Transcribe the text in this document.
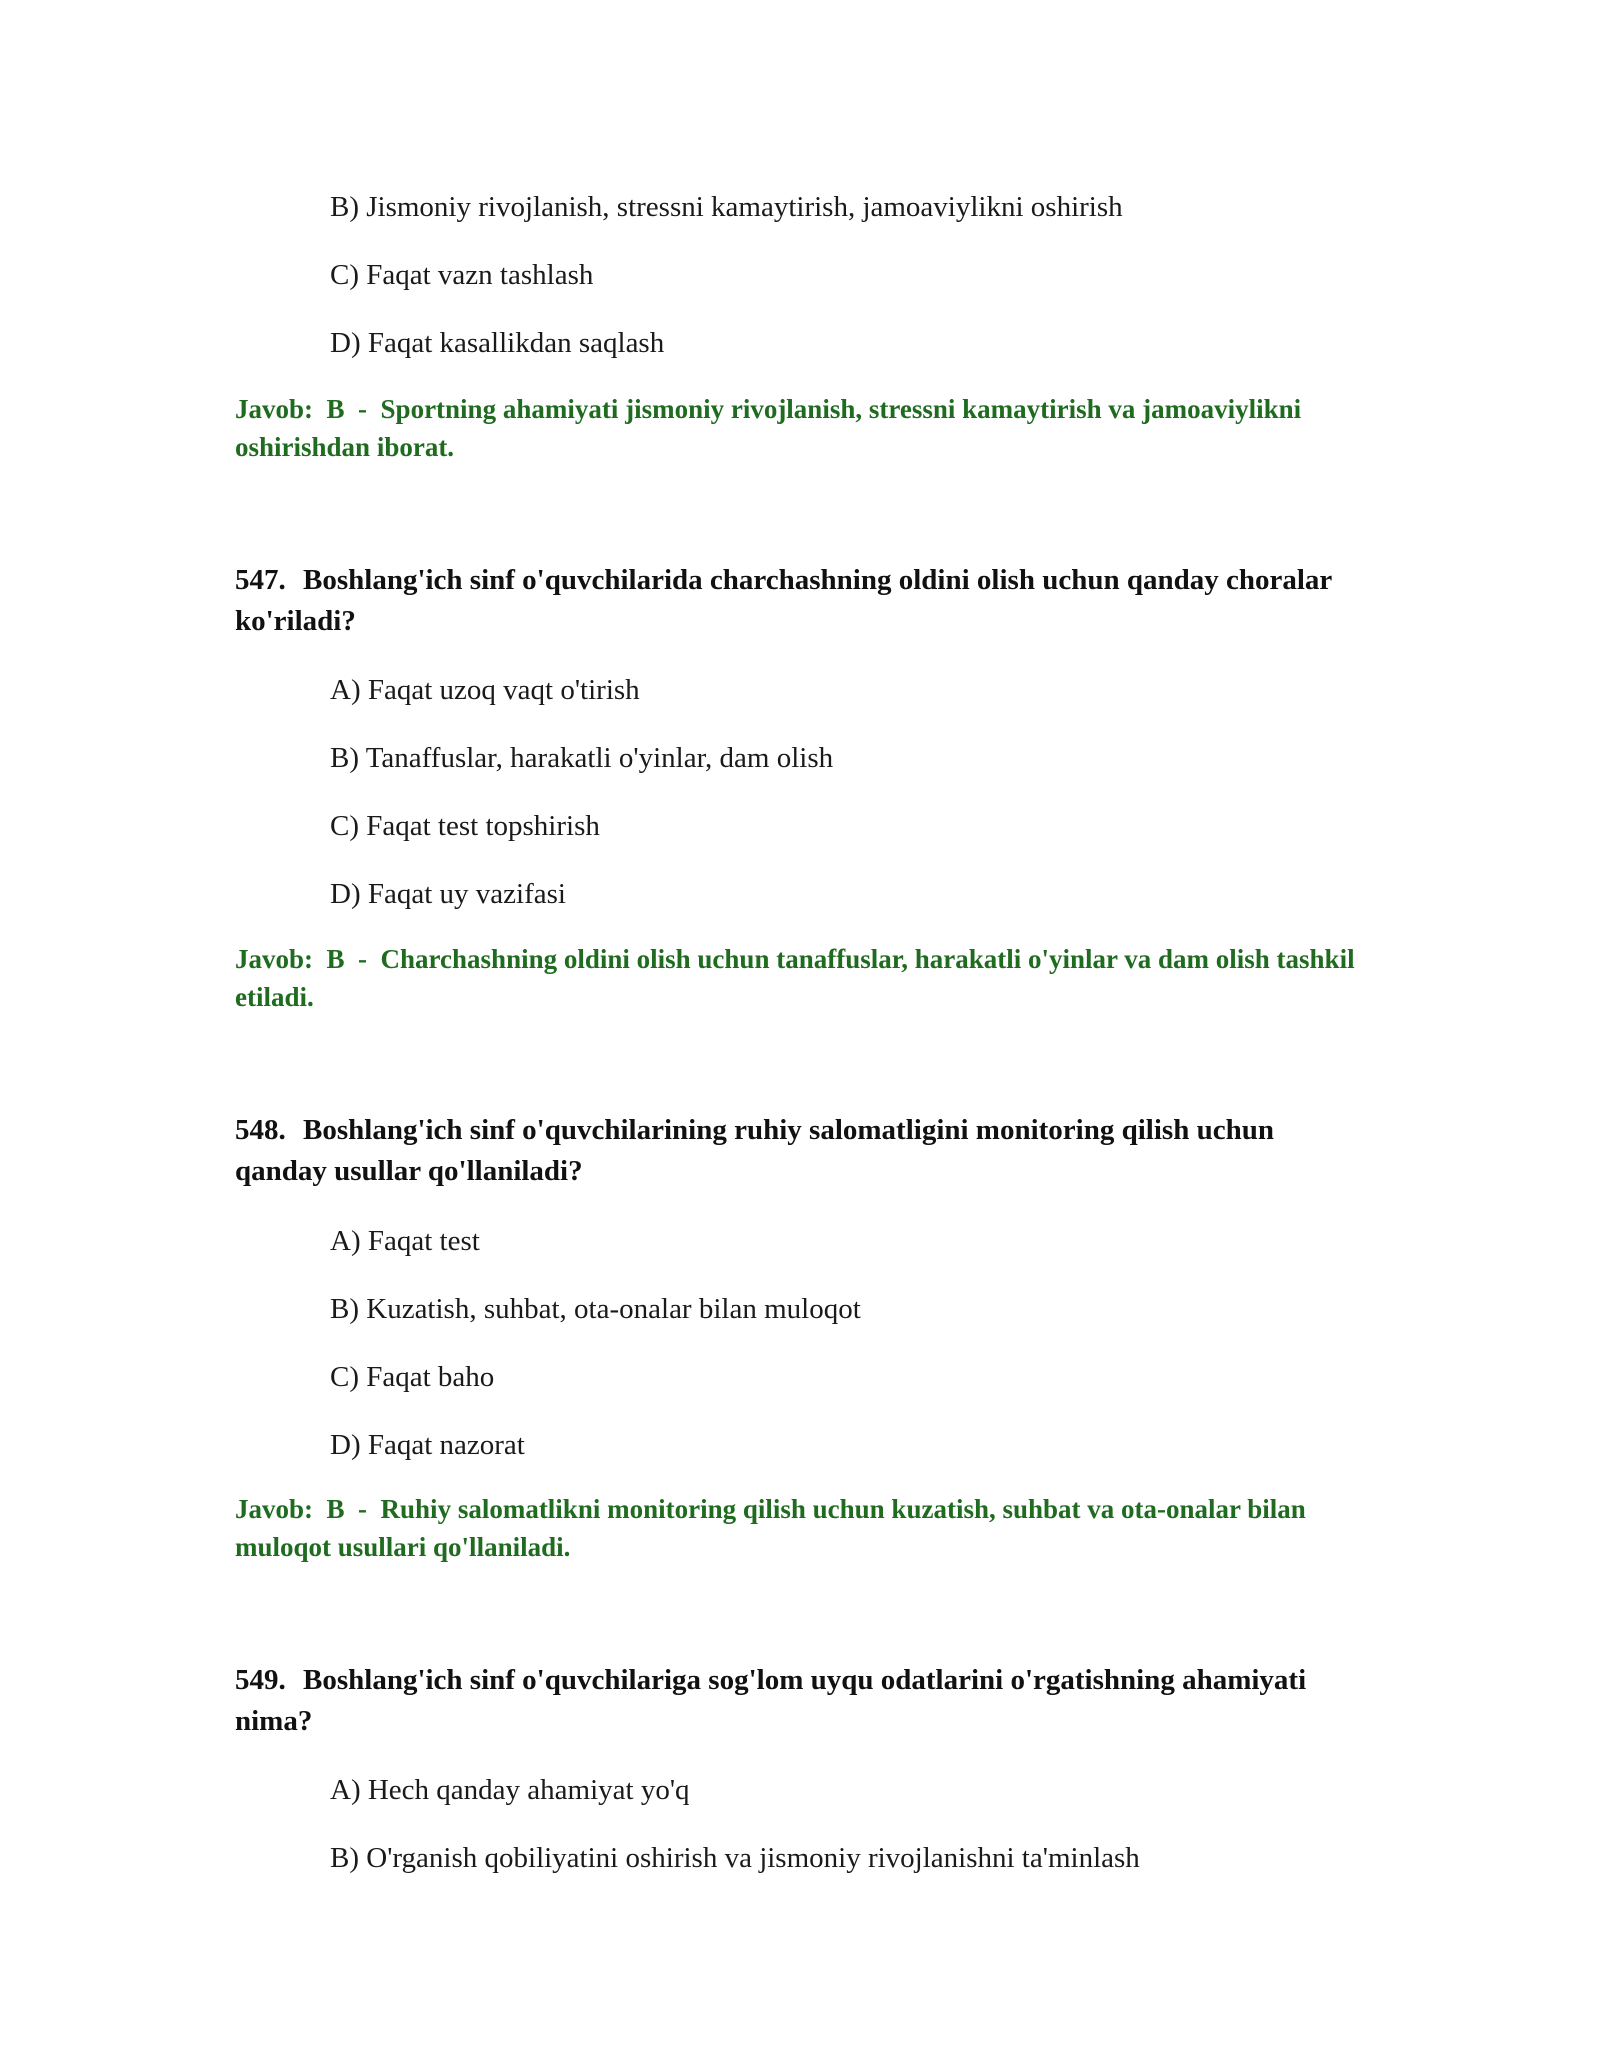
B) Jismoniy rivojlanish, stressni kamaytirish, jamoaviylikni oshirish
C) Faqat vazn tashlash
D) Faqat kasallikdan saqlash
Javob: B  -  Sportning ahamiyati jismoniy rivojlanish, stressni kamaytirish va jamoaviylikni oshirishdan iborat.
547. Boshlang'ich sinf o'quvchilarida charchashning oldini olish uchun qanday choralar ko'riladi?
A) Faqat uzoq vaqt o'tirish
B) Tanaffuslar, harakatli o'yinlar, dam olish
C) Faqat test topshirish
D) Faqat uy vazifasi
Javob: B  -  Charchashning oldini olish uchun tanaffuslar, harakatli o'yinlar va dam olish tashkil etiladi.
548. Boshlang'ich sinf o'quvchilarining ruhiy salomatligini monitoring qilish uchun qanday usullar qo'llaniladi?
A) Faqat test
B) Kuzatish, suhbat, ota-onalar bilan muloqot
C) Faqat baho
D) Faqat nazorat
Javob: B  -  Ruhiy salomatlikni monitoring qilish uchun kuzatish, suhbat va ota-onalar bilan muloqot usullari qo'llaniladi.
549. Boshlang'ich sinf o'quvchilariga sog'lom uyqu odatlarini o'rgatishning ahamiyati nima?
A) Hech qanday ahamiyat yo'q
B) O'rganish qobiliyatini oshirish va jismoniy rivojlanishni ta'minlash
